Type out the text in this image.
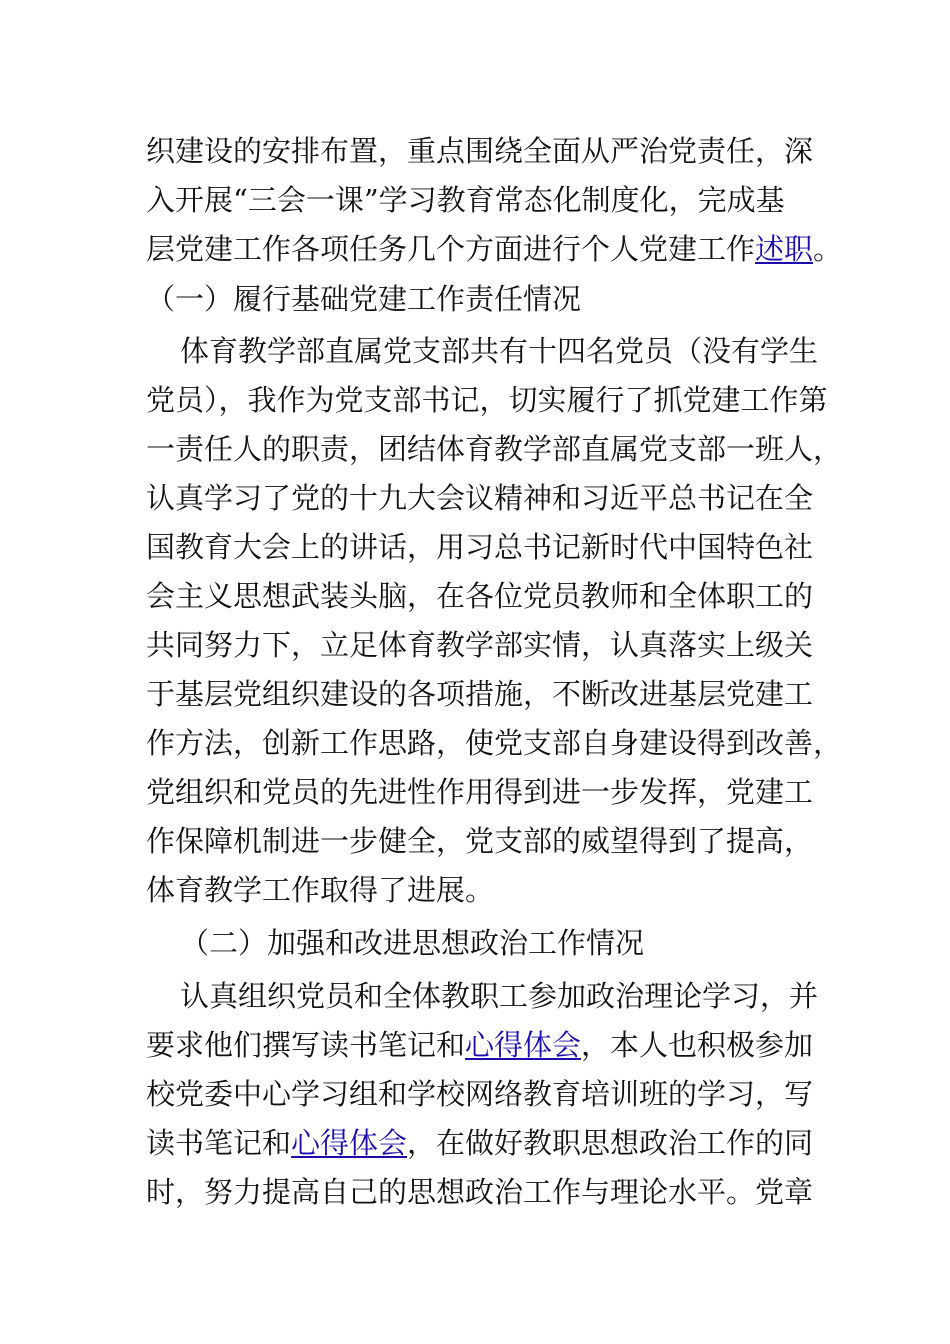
织建设的安排布置，重点围绕全面从严治党责任，深
入开展“三会一课”学习教育常态化制度化，完成基
层党建工作各项任务几个方面进行个人党建工作述职。
（一）履行基础党建工作责任情况
体育教学部直属党支部共有十四名党员（没有学生
党员），我作为党支部书记，切实履行了抓党建工作第
一责任人的职责，团结体育教学部直属党支部一班人，
认真学习了党的十九大会议精神和习近平总书记在全
国教育大会上的讲话，用习总书记新时代中国特色社
会主义思想武装头脑，在各位党员教师和全体职工的
共同努力下，立足体育教学部实情，认真落实上级关
于基层党组织建设的各项措施，不断改进基层党建工
作方法，创新工作思路，使党支部自身建设得到改善，
党组织和党员的先进性作用得到进一步发挥，党建工
作保障机制进一步健全，党支部的威望得到了提高，
体育教学工作取得了进展。
（二）加强和改进思想政治工作情况
认真组织党员和全体教职工参加政治理论学习，并
要求他们撰写读书笔记和心得体会，本人也积极参加
校党委中心学习组和学校网络教育培训班的学习，写
读书笔记和心得体会，在做好教职思想政治工作的同
时，努力提高自己的思想政治工作与理论水平。党章
